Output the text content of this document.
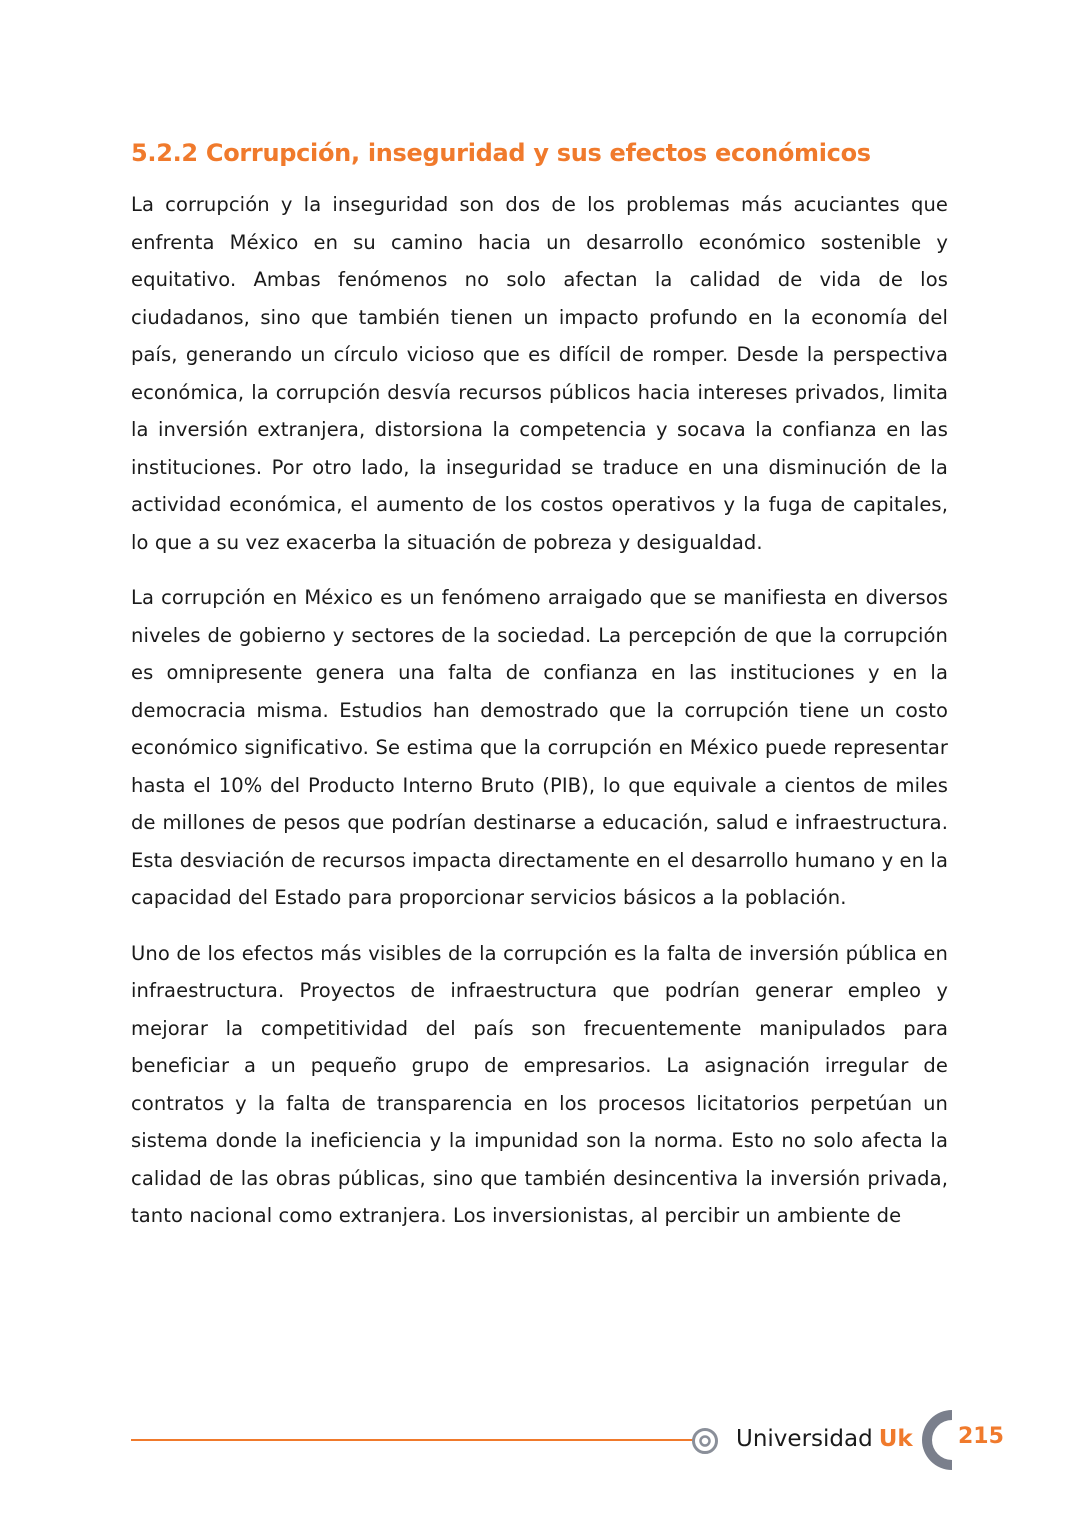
5.2.2 Corrupción, inseguridad y sus efectos económicos

La corrupción y la inseguridad son dos de los problemas más acuciantes que enfrenta México en su camino hacia un desarrollo económico sostenible y equitativo. Ambas fenómenos no solo afectan la calidad de vida de los ciudadanos, sino que también tienen un impacto profundo en la economía del país, generando un círculo vicioso que es difícil de romper. Desde la perspectiva económica, la corrupción desvía recursos públicos hacia intereses privados, limita la inversión extranjera, distorsiona la competencia y socava la confianza en las instituciones. Por otro lado, la inseguridad se traduce en una disminución de la actividad económica, el aumento de los costos operativos y la fuga de capitales, lo que a su vez exacerba la situación de pobreza y desigualdad.

La corrupción en México es un fenómeno arraigado que se manifiesta en diversos niveles de gobierno y sectores de la sociedad. La percepción de que la corrupción es omnipresente genera una falta de confianza en las instituciones y en la democracia misma. Estudios han demostrado que la corrupción tiene un costo económico significativo. Se estima que la corrupción en México puede representar hasta el 10% del Producto Interno Bruto (PIB), lo que equivale a cientos de miles de millones de pesos que podrían destinarse a educación, salud e infraestructura. Esta desviación de recursos impacta directamente en el desarrollo humano y en la capacidad del Estado para proporcionar servicios básicos a la población.

Uno de los efectos más visibles de la corrupción es la falta de inversión pública en infraestructura. Proyectos de infraestructura que podrían generar empleo y mejorar la competitividad del país son frecuentemente manipulados para beneficiar a un pequeño grupo de empresarios. La asignación irregular de contratos y la falta de transparencia en los procesos licitatorios perpetúan un sistema donde la ineficiencia y la impunidad son la norma. Esto no solo afecta la calidad de las obras públicas, sino que también desincentiva la inversión privada, tanto nacional como extranjera. Los inversionistas, al percibir un ambiente de

Universidad Uk 215
